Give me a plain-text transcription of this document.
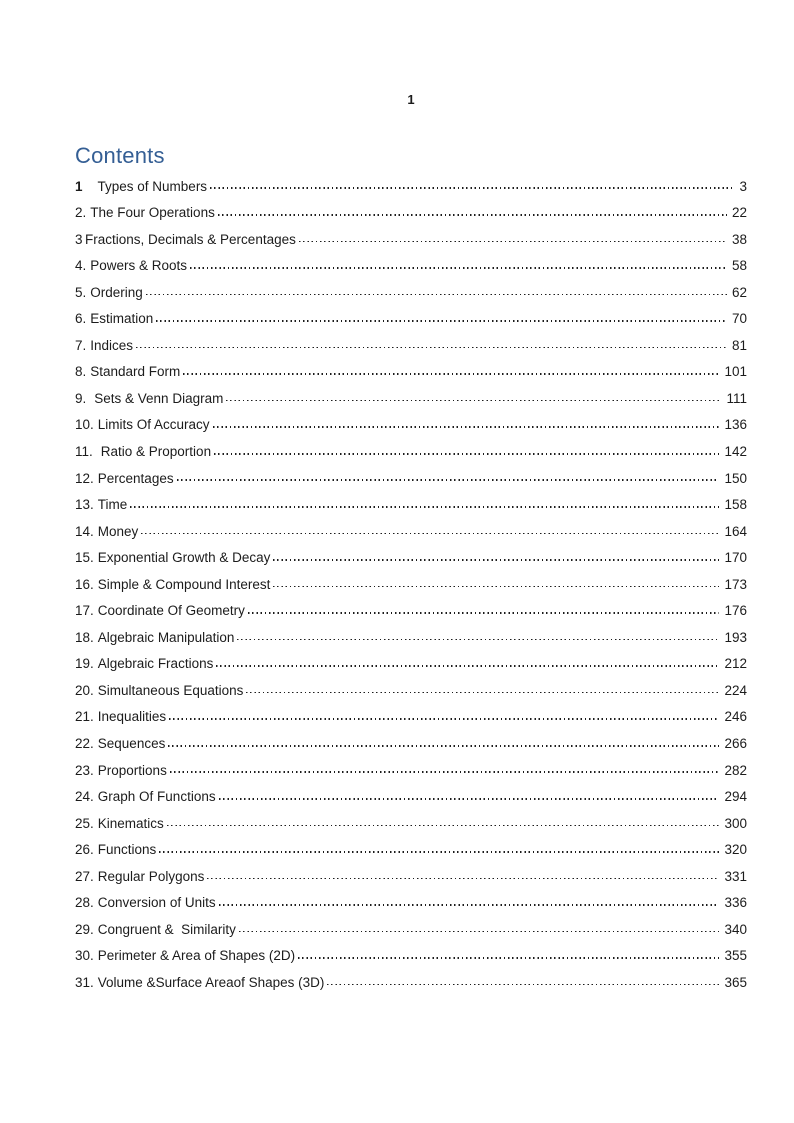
1
Contents
1 Types of Numbers	3
2. The Four Operations	22
3 Fractions, Decimals & Percentages	38
4. Powers & Roots	58
5. Ordering	62
6. Estimation	70
7. Indices	81
8. Standard Form	101
9. Sets & Venn Diagram	111
10. Limits Of Accuracy	136
11. Ratio & Proportion	142
12. Percentages	150
13. Time	158
14. Money	164
15. Exponential Growth & Decay	170
16. Simple & Compound Interest	173
17. Coordinate Of Geometry	176
18. Algebraic Manipulation	193
19. Algebraic Fractions	212
20. Simultaneous Equations	224
21. Inequalities	246
22. Sequences	266
23. Proportions	282
24. Graph Of Functions	294
25. Kinematics	300
26. Functions	320
27. Regular Polygons	331
28. Conversion of Units	336
29. Congruent &  Similarity	340
30. Perimeter & Area of Shapes (2D)	355
31. Volume &Surface Areaof Shapes (3D)	365
